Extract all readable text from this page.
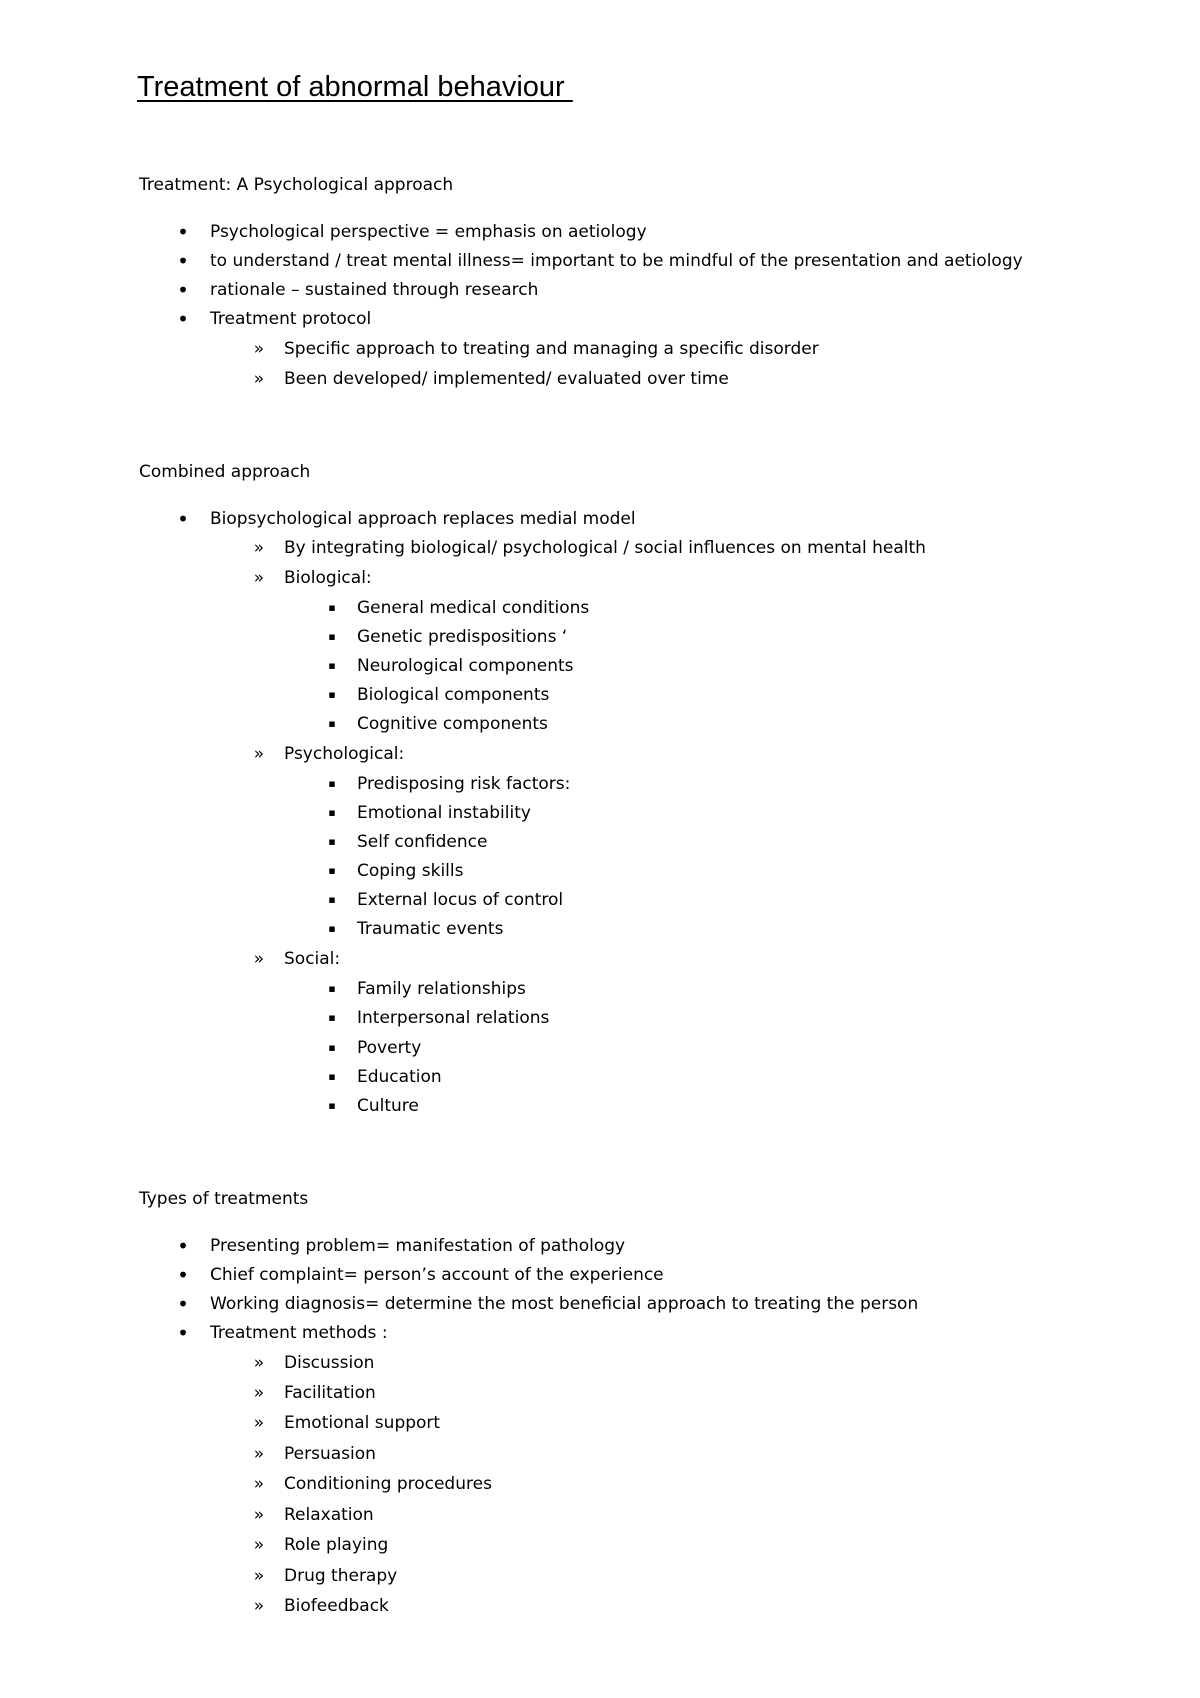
Treatment of abnormal behaviour
Treatment: A Psychological approach
• Psychological perspective = emphasis on aetiology
• to understand / treat mental illness= important to be mindful of the presentation and aetiology
• rationale – sustained through research
• Treatment protocol
» Specific approach to treating and managing a specific disorder
» Been developed/ implemented/ evaluated over time
Combined approach
• Biopsychological approach replaces medial model
» By integrating biological/ psychological / social influences on mental health
» Biological:
▪	General medical conditions
▪	Genetic predispositions ‘
▪	Neurological components
▪	Biological components
▪	Cognitive components
» Psychological:
▪	Predisposing risk factors:
▪	Emotional instability
▪	Self confidence
▪	Coping skills
▪	External locus of control
▪	Traumatic events
» Social:
▪	Family relationships
▪	Interpersonal relations
▪	Poverty
▪	Education
▪	Culture
Types of treatments
• Presenting problem= manifestation of pathology
• Chief complaint= person’s account of the experience
• Working diagnosis= determine the most beneficial approach to treating the person
• Treatment methods :
» Discussion
» Facilitation
» Emotional support
» Persuasion
» Conditioning procedures
» Relaxation
» Role playing
» Drug therapy
» Biofeedback
